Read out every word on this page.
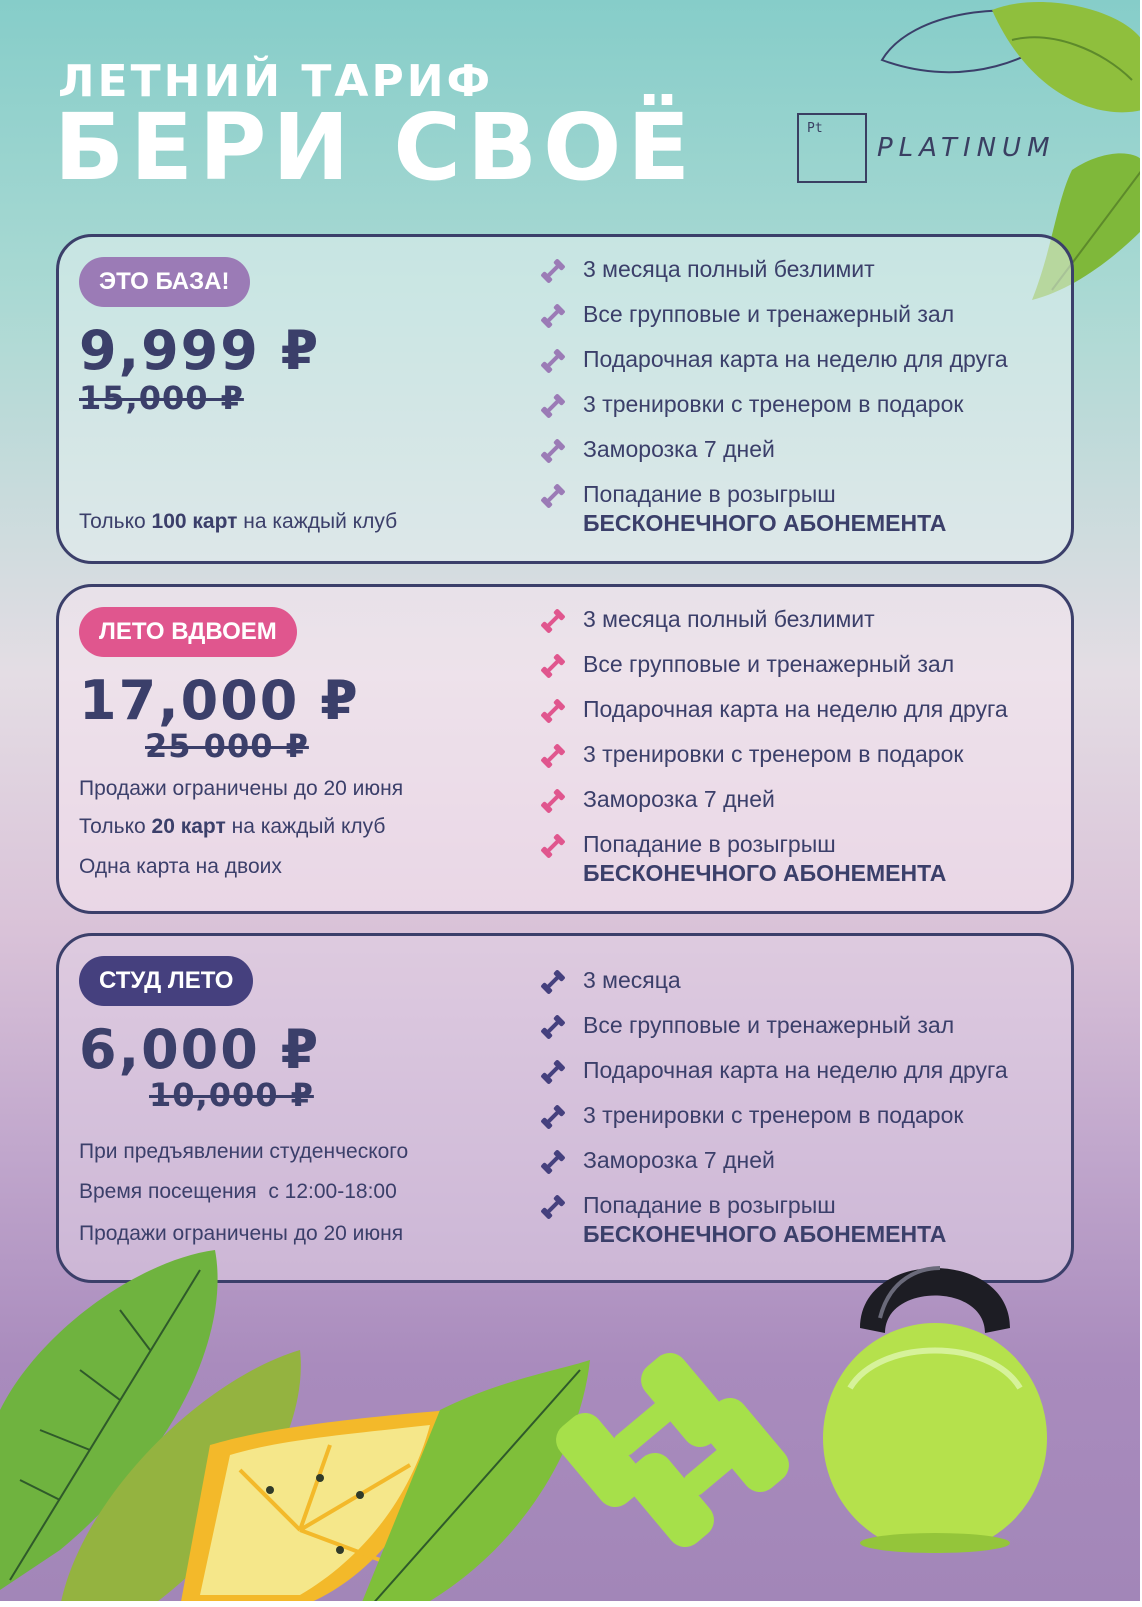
ЛЕТНИЙ ТАРИФ
БЕРИ СВОЁ	Pt
PLATINUM
ЭТО БАЗА!
9,999 ₽
15,000 ₽
Только 100 карт на каждый клуб
3 месяца полный безлимит
Все групповые и тренажерный зал
Подарочная карта на неделю для друга
3 тренировки с тренером в подарок
Заморозка 7 дней
Попадание в розыгрыш
БЕСКОНЕЧНОГО АБОНЕМЕНТА
ЛЕТО ВДВОЕМ
17,000 ₽
25 000 ₽
Продажи ограничены до 20 июня
Только 20 карт на каждый клуб
Одна карта на двоих
3 месяца полный безлимит
Все групповые и тренажерный зал
Подарочная карта на неделю для друга
3 тренировки с тренером в подарок
Заморозка 7 дней
Попадание в розыгрыш
БЕСКОНЕЧНОГО АБОНЕМЕНТА
СТУД ЛЕТО
6,000 ₽
10,000 ₽
При предъявлении студенческого
Время посещения  с 12:00-18:00
Продажи ограничены до 20 июня
3 месяца
Все групповые и тренажерный зал
Подарочная карта на неделю для друга
3 тренировки с тренером в подарок
Заморозка 7 дней
Попадание в розыгрыш
БЕСКОНЕЧНОГО АБОНЕМЕНТА
